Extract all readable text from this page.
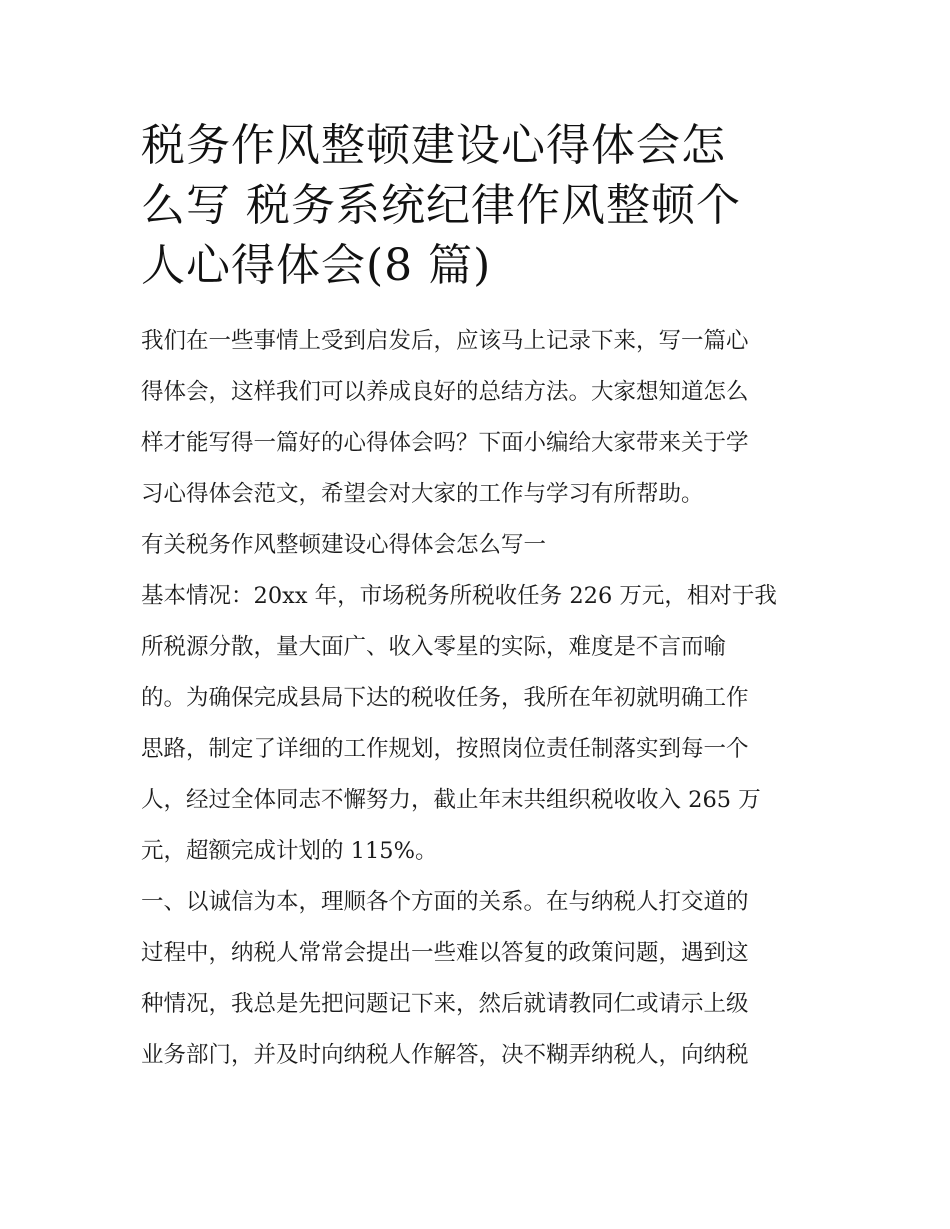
税务作风整顿建设心得体会怎
么写 税务系统纪律作风整顿个
人心得体会(8 篇)

我们在一些事情上受到启发后，应该马上记录下来，写一篇心
得体会，这样我们可以养成良好的总结方法。大家想知道怎么
样才能写得一篇好的心得体会吗？下面小编给大家带来关于学
习心得体会范文，希望会对大家的工作与学习有所帮助。

有关税务作风整顿建设心得体会怎么写一

基本情况：20xx 年，市场税务所税收任务 226 万元，相对于我
所税源分散，量大面广、收入零星的实际，难度是不言而喻
的。为确保完成县局下达的税收任务，我所在年初就明确工作
思路，制定了详细的工作规划，按照岗位责任制落实到每一个
人，经过全体同志不懈努力，截止年末共组织税收收入 265 万
元，超额完成计划的 115%。

一、以诚信为本，理顺各个方面的关系。在与纳税人打交道的
过程中，纳税人常常会提出一些难以答复的政策问题，遇到这
种情况，我总是先把问题记下来，然后就请教同仁或请示上级
业务部门，并及时向纳税人作解答，决不糊弄纳税人，向纳税
